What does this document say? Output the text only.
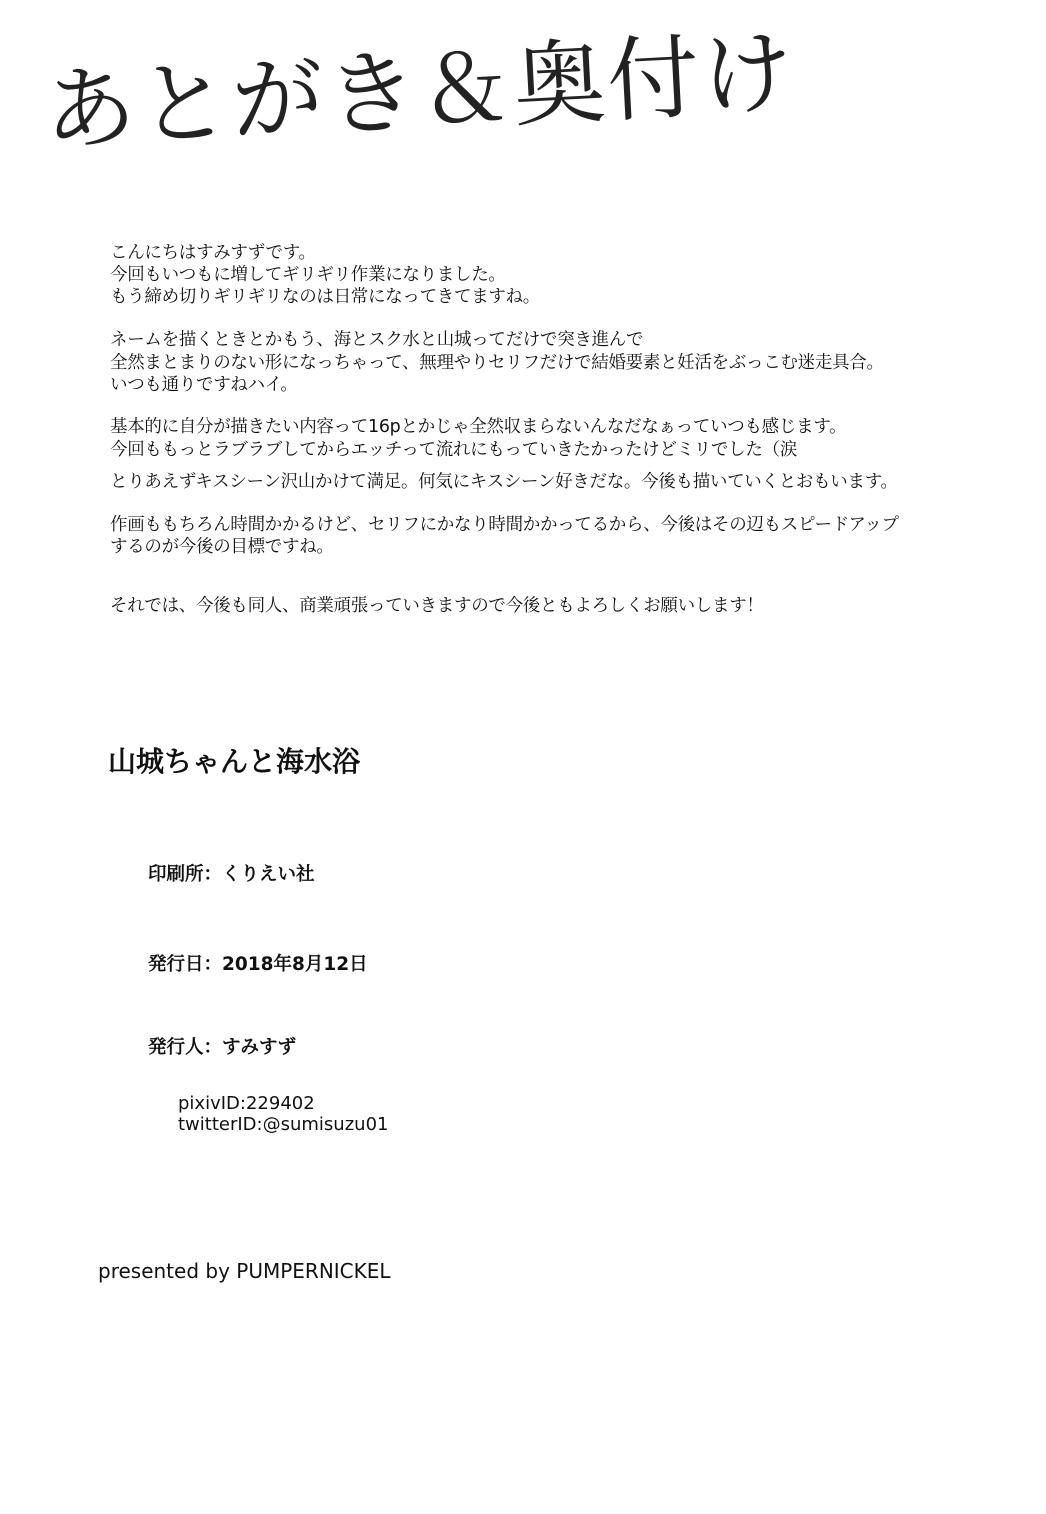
あとがき＆奥付け

こんにちはすみすずです。

今回もいつもに増してギリギリ作業になりました。

もう締め切りギリギリなのは日常になってきてますね。

ネームを描くときとかもう、海とスク水と山城ってだけで突き進んで

全然まとまりのない形になっちゃって、無理やりセリフだけで結婚要素と妊活をぶっこむ迷走具合。

いつも通りですねハイ。

基本的に自分が描きたい内容って16pとかじゃ全然収まらないんなだなぁっていつも感じます。

今回ももっとラブラブしてからエッチって流れにもっていきたかったけどミリでした（涙

とりあえずキスシーン沢山かけて満足。何気にキスシーン好きだな。今後も描いていくとおもいます。

作画ももちろん時間かかるけど、セリフにかなり時間かかってるから、今後はその辺もスピードアップ

するのが今後の目標ですね。

それでは、今後も同人、商業頑張っていきますので今後ともよろしくお願いします！

山城ちゃんと海水浴
印刷所：くりえい社
発行日：2018年8月12日
発行人：すみすず
pixivID:229402
twitterID:@sumisuzu01
presented by PUMPERNICKEL
